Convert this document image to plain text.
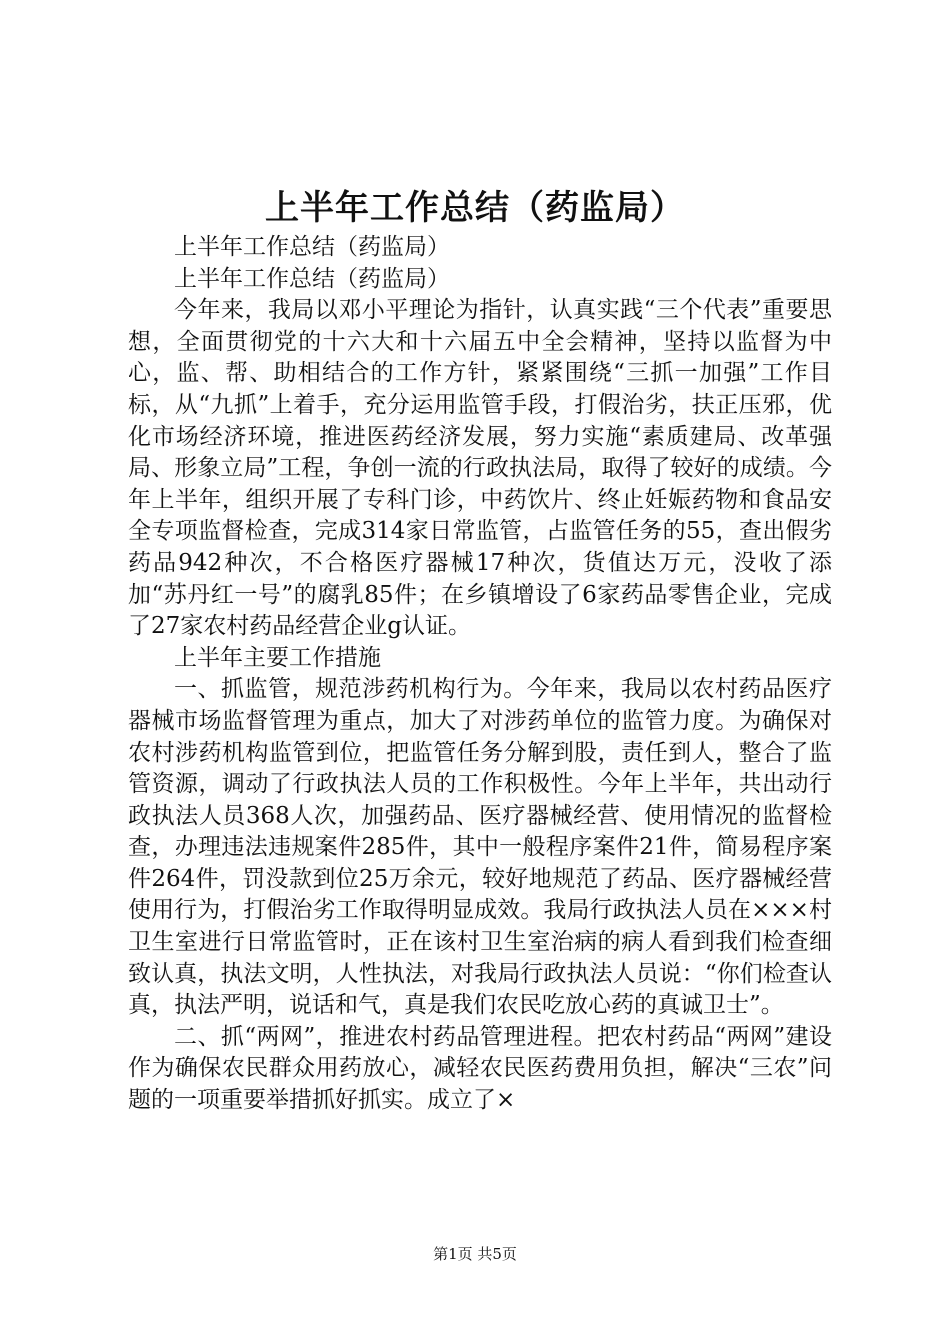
上半年工作总结（药监局）

上半年工作总结（药监局）

上半年工作总结（药监局）

今年来，我局以邓小平理论为指针，认真实践“三个代表”重要思想，全面贯彻党的十六大和十六届五中全会精神，坚持以监督为中心，监、帮、助相结合的工作方针，紧紧围绕“三抓一加强”工作目标，从“九抓”上着手，充分运用监管手段，打假治劣，扶正压邪，优化市场经济环境，推进医药经济发展，努力实施“素质建局、改革强局、形象立局”工程，争创一流的行政执法局，取得了较好的成绩。今年上半年，组织开展了专科门诊，中药饮片、终止妊娠药物和食品安全专项监督检查，完成314家日常监管，占监管任务的55，查出假劣药品942种次，不合格医疗器械17种次，货值达万元，没收了添加“苏丹红一号”的腐乳85件；在乡镇增设了6家药品零售企业，完成了27家农村药品经营企业g认证。

上半年主要工作措施

一、抓监管，规范涉药机构行为。今年来，我局以农村药品医疗器械市场监督管理为重点，加大了对涉药单位的监管力度。为确保对农村涉药机构监管到位，把监管任务分解到股，责任到人，整合了监管资源，调动了行政执法人员的工作积极性。今年上半年，共出动行政执法人员368人次，加强药品、医疗器械经营、使用情况的监督检查，办理违法违规案件285件，其中一般程序案件21件，简易程序案件264件，罚没款到位25万余元，较好地规范了药品、医疗器械经营使用行为，打假治劣工作取得明显成效。我局行政执法人员在×××村卫生室进行日常监管时，正在该村卫生室治病的病人看到我们检查细致认真，执法文明，人性执法，对我局行政执法人员说：“你们检查认真，执法严明，说话和气，真是我们农民吃放心药的真诚卫士”。

二、抓“两网”，推进农村药品管理进程。把农村药品“两网”建设作为确保农民群众用药放心，减轻农民医药费用负担，解决“三农”问题的一项重要举措抓好抓实。成立了×

第1页 共5页
